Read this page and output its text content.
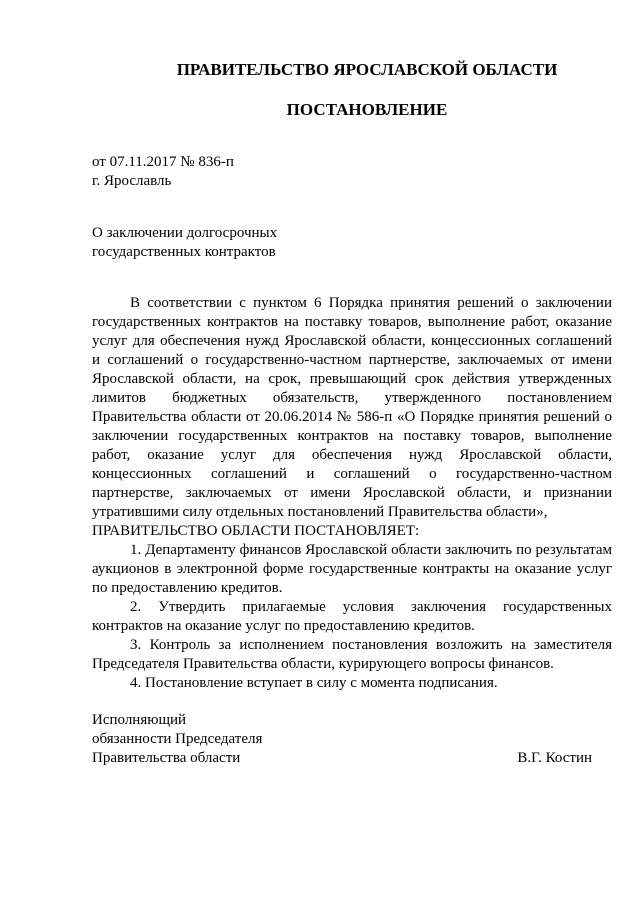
ПРАВИТЕЛЬСТВО ЯРОСЛАВСКОЙ ОБЛАСТИ
ПОСТАНОВЛЕНИЕ
от 07.11.2017 № 836-п
г. Ярославль
О заключении долгосрочных
государственных контрактов

В соответствии с пунктом 6 Порядка принятия решений о заключении государственных контрактов на поставку товаров, выполнение работ, оказание услуг для обеспечения нужд Ярославской области, концессионных соглашений и соглашений о государственно-частном партнерстве, заключаемых от имени Ярославской области, на срок, превышающий срок действия утвержденных лимитов бюджетных обязательств, утвержденного постановлением Правительства области от 20.06.2014 № 586-п «О Порядке принятия решений о заключении государственных контрактов на поставку товаров, выполнение работ, оказание услуг для обеспечения нужд Ярославской области, концессионных соглашений и соглашений о государственно-частном партнерстве, заключаемых от имени Ярославской области, и признании утратившими силу отдельных постановлений Правительства области»,

ПРАВИТЕЛЬСТВО ОБЛАСТИ ПОСТАНОВЛЯЕТ:

1. Департаменту финансов Ярославской области заключить по результатам аукционов в электронной форме государственные контракты на оказание услуг по предоставлению кредитов.

2. Утвердить прилагаемые условия заключения государственных контрактов на оказание услуг по предоставлению кредитов.

3. Контроль за исполнением постановления возложить на заместителя Председателя Правительства области, курирующего вопросы финансов.

4. Постановление вступает в силу с момента подписания.

Исполняющий
обязанности Председателя
Правительства области	В.Г. Костин
